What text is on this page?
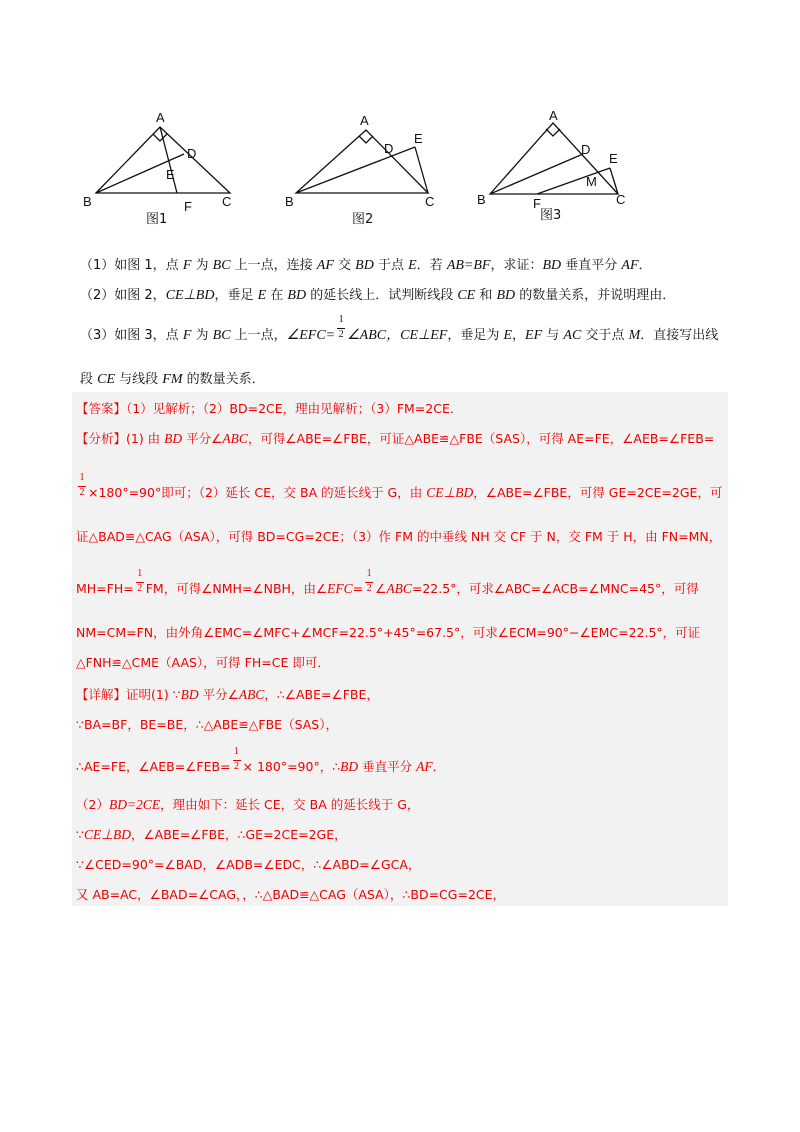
A
B	C
D
E
F
图1
A
B	C
D
E
图2
A
B	C
D
E
F
M
图3
（1）如图 1，点 F 为 BC 上一点，连接 AF 交 BD 于点 E．若 AB=BF，求证：BD 垂直平分 AF．
（2）如图 2，CE⊥BD，垂足 E 在 BD 的延长线上．试判断线段 CE 和 BD 的数量关系，并说明理由．
（3）如图 3，点 F 为 BC 上一点，∠EFC= $\frac{1}{2}$ ∠ABC，CE⊥EF，垂足为 E，EF 与 AC 交于点 M．直接写出线
段 CE 与线段 FM 的数量关系．
【答案】（1）见解析；（2）BD=2CE，理由见解析；（3）FM=2CE．
【分析】(1) 由 BD 平分∠ABC，可得∠ABE=∠FBE，可证△ABE≌△FBE（SAS），可得 AE=FE，∠AEB=∠FEB=
$\frac{1}{2} \times 180^\circ=90^\circ$即可；（2）延长 CE，交 BA 的延长线于 G，由 CE⊥BD，∠ABE=∠FBE，可得 GE=2CE=2GE，可
证△BAD≌△CAG（ASA），可得 BD=CG=2CE；（3）作 FM 的中垂线 NH 交 CF 于 N，交 FM 于 H，由 FN=MN，
$MH=FH= \frac{1}{2}$ FM，可得∠NMH=∠NBH，由∠EFC= $\frac{1}{2}$ ∠ABC=22.5°，可求∠ABC=∠ACB=∠MNC=45°，可得
NM=CM=FN，由外角∠EMC=∠MFC+∠MCF=22.5°+45°=67.5°，可求∠ECM=90°−∠EMC=22.5°，可证
△FNH≌△CME（AAS），可得 FH=CE 即可．
【详解】证明(1) ∵BD 平分∠ABC，∴∠ABE=∠FBE，
∵BA=BF，BE=BE，∴△ABE≌△FBE（SAS），
∴AE=FE，∠AEB=∠FEB= $\frac{1}{2} \times 180^\circ=90^\circ$，∴BD 垂直平分 AF．
（2）BD=2CE，理由如下：延长 CE，交 BA 的延长线于 G，
∵CE⊥BD，∠ABE=∠FBE，∴GE=2CE=2GE，
∵∠CED=90°=∠BAD，∠ADB=∠EDC，∴∠ABD=∠GCA，
又 AB=AC，∠BAD=∠CAG，，∴△BAD≌△CAG（ASA），∴BD=CG=2CE，
